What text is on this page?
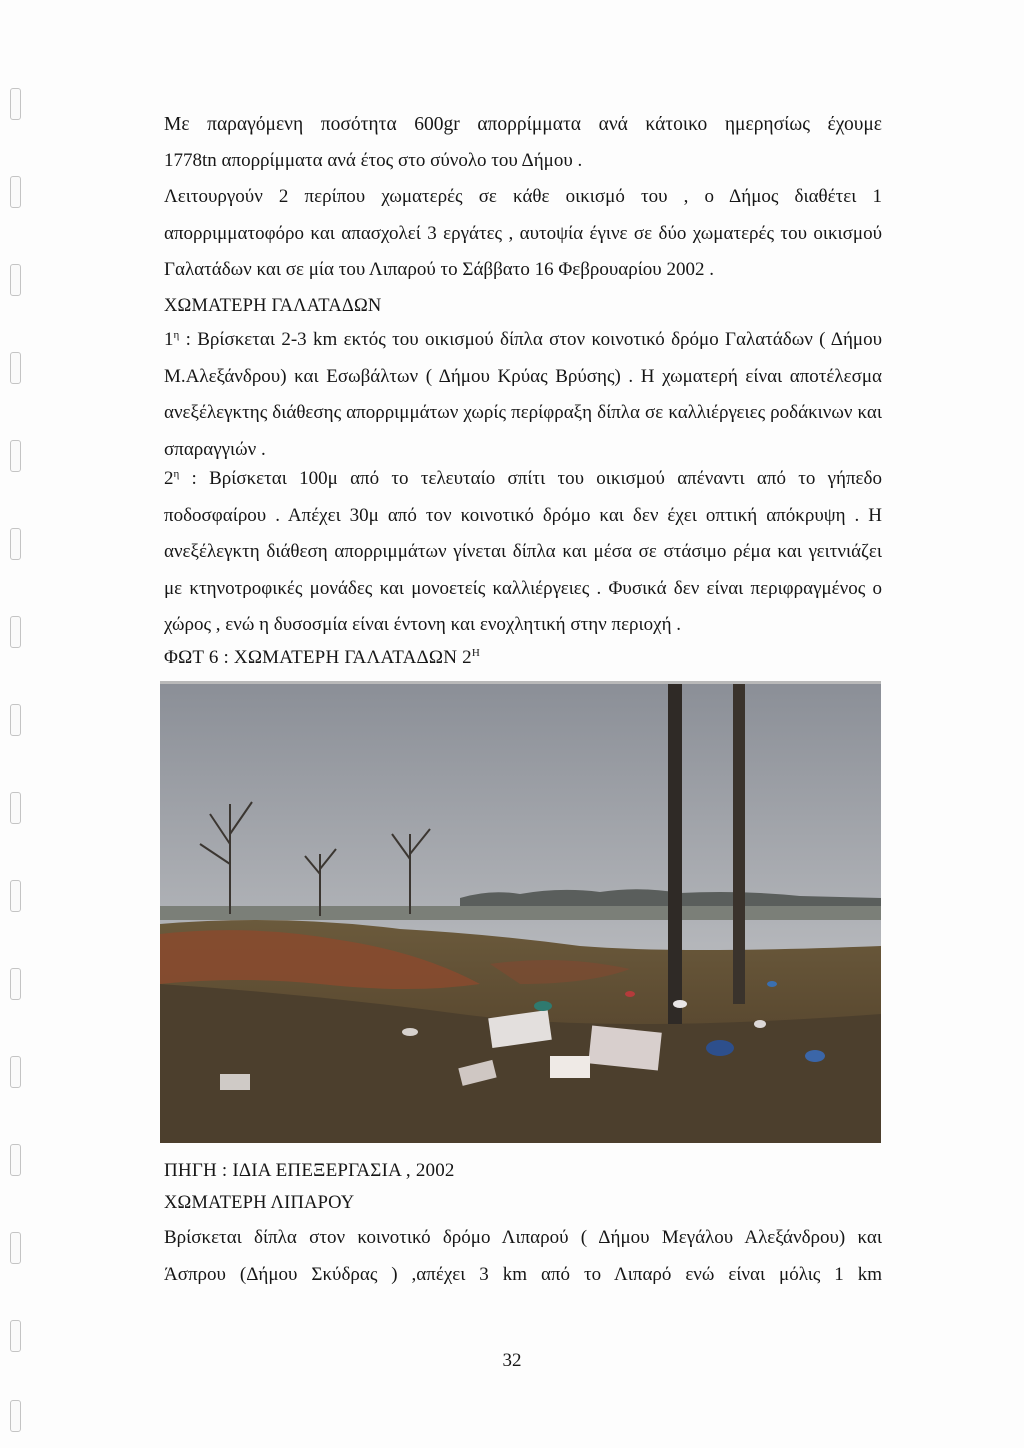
Με παραγόμενη ποσότητα 600gr απορρίμματα ανά κάτοικο ημερησίως έχουμε
1778tn απορρίμματα ανά έτος στο σύνολο του Δήμου .

Λειτουργούν 2 περίπου χωματερές σε κάθε οικισμό του , ο Δήμος διαθέτει 1 απορριμματοφόρο και απασχολεί 3 εργάτες , αυτοψία έγινε σε δύο χωματερές του οικισμού Γαλατάδων και σε μία του Λιπαρού το Σάββατο 16 Φεβρουαρίου 2002 .

ΧΩΜΑΤΕΡΗ ΓΑΛΑΤΑΔΩΝ

$1^\eta$ : Βρίσκεται 2-3 km εκτός του οικισμού δίπλα στον κοινοτικό δρόμο Γαλατάδων ( Δήμου Μ.Αλεξάνδρου) και Εσωβάλτων ( Δήμου Κρύας Βρύσης) . Η χωματερή είναι αποτέλεσμα ανεξέλεγκτης διάθεσης απορριμμάτων χωρίς περίφραξη δίπλα σε καλλιέργειες ροδάκινων και σπαραγγιών .

$2^\eta$ : Βρίσκεται 100μ από το τελευταίο σπίτι του οικισμού απέναντι από το γήπεδο ποδοσφαίρου . Απέχει 30μ από τον κοινοτικό δρόμο και δεν έχει οπτική απόκρυψη . Η ανεξέλεγκτη διάθεση απορριμμάτων γίνεται δίπλα και μέσα σε στάσιμο ρέμα και γειτνιάζει με κτηνοτροφικές μονάδες και μονοετείς καλλιέργειες . Φυσικά δεν είναι περιφραγμένος ο χώρος , ενώ η δυσοσμία είναι έντονη και ενοχλητική στην περιοχή .

ΦΩΤ 6 : ΧΩΜΑΤΕΡΗ ΓΑΛΑΤΑΔΩΝ $2^H$
ΠΗΓΗ : ΙΔΙΑ ΕΠΕΞΕΡΓΑΣΙΑ , 2002
ΧΩΜΑΤΕΡΗ ΛΙΠΑΡΟΥ
Βρίσκεται δίπλα στον κοινοτικό δρόμο Λιπαρού ( Δήμου Μεγάλου Αλεξάνδρου) και
Άσπρου (Δήμου Σκύδρας ) ,απέχει 3 km από το Λιπαρό ενώ είναι μόλις 1 km
32
